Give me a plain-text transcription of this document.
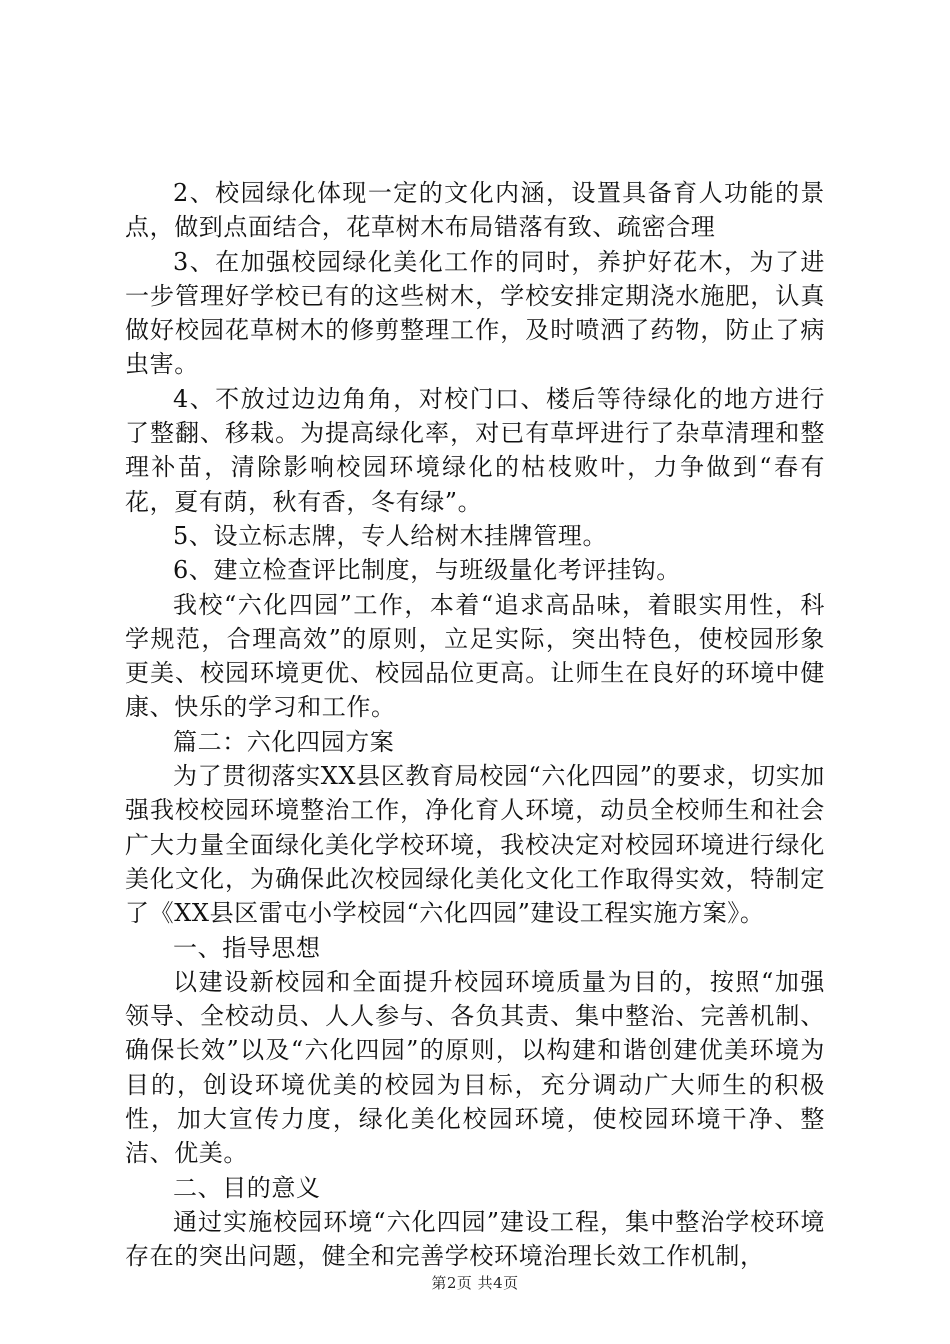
2、校园绿化体现一定的文化内涵，设置具备育人功能的景点，做到点面结合，花草树木布局错落有致、疏密合理

3、在加强校园绿化美化工作的同时，养护好花木，为了进一步管理好学校已有的这些树木，学校安排定期浇水施肥，认真做好校园花草树木的修剪整理工作，及时喷洒了药物，防止了病虫害。

4、不放过边边角角，对校门口、楼后等待绿化的地方进行了整翻、移栽。为提高绿化率，对已有草坪进行了杂草清理和整理补苗，清除影响校园环境绿化的枯枝败叶，力争做到“春有花，夏有荫，秋有香，冬有绿”。

5、设立标志牌，专人给树木挂牌管理。

6、建立检查评比制度，与班级量化考评挂钩。

我校“六化四园”工作，本着“追求高品味，着眼实用性，科学规范，合理高效”的原则，立足实际，突出特色，使校园形象更美、校园环境更优、校园品位更高。让师生在良好的环境中健康、快乐的学习和工作。

篇二：六化四园方案

为了贯彻落实XX县区教育局校园“六化四园”的要求，切实加强我校校园环境整治工作，净化育人环境，动员全校师生和社会广大力量全面绿化美化学校环境，我校决定对校园环境进行绿化美化文化，为确保此次校园绿化美化文化工作取得实效，特制定了《XX县区雷屯小学校园“六化四园”建设工程实施方案》。

一、指导思想

以建设新校园和全面提升校园环境质量为目的，按照“加强领导、全校动员、人人参与、各负其责、集中整治、完善机制、确保长效”以及“六化四园”的原则，以构建和谐创建优美环境为目的，创设环境优美的校园为目标，充分调动广大师生的积极性，加大宣传力度，绿化美化校园环境，使校园环境干净、整洁、优美。

二、目的意义

通过实施校园环境“六化四园”建设工程，集中整治学校环境存在的突出问题，健全和完善学校环境治理长效工作机制，

第2页 共4页
